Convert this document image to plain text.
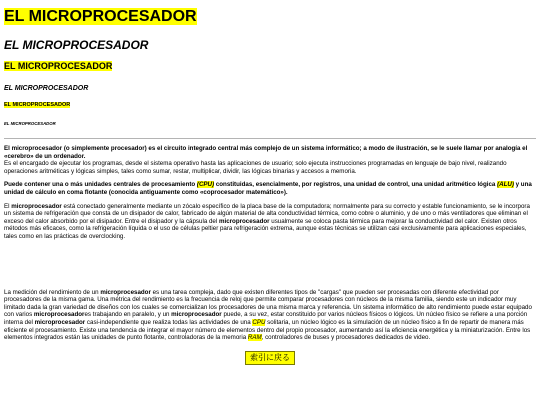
EL MICROPROCESADOR
EL MICROPROCESADOR
EL MICROPROCESADOR
EL MICROPROCESADOR
EL MICROPROCESADOR
EL MICROPROCESADOR

El microprocesador (o simplemente procesador) es el circuito integrado central más complejo de un sistema informático; a modo de ilustración, se le suele llamar por analogía el «cerebro» de un ordenador.

Es el encargado de ejecutar los programas, desde el sistema operativo hasta las aplicaciones de usuario; solo ejecuta instrucciones programadas en lenguaje de bajo nivel, realizando operaciones aritméticas y lógicas simples, tales como sumar, restar, multiplicar, dividir, las lógicas binarias y accesos a memoria.

Puede contener una o más unidades centrales de procesamiento (CPU) constituidas, esencialmente, por registros, una unidad de control, una unidad aritmético lógica (ALU) y una unidad de cálculo en coma flotante (conocida antiguamente como «coprocesador matemático»).

El microprocesador está conectado generalmente mediante un zócalo específico de la placa base de la computadora; normalmente para su correcto y estable funcionamiento, se le incorpora un sistema de refrigeración que consta de un disipador de calor, fabricado de algún material de alta conductividad térmica, como cobre o aluminio, y de uno o más ventiladores que eliminan el exceso del calor absorbido por el disipador. Entre el disipador y la cápsula del microprocesador usualmente se coloca pasta térmica para mejorar la conductividad del calor. Existen otros métodos más eficaces, como la refrigeración líquida o el uso de células peltier para refrigeración extrema, aunque estas técnicas se utilizan casi exclusivamente para aplicaciones especiales, tales como en las prácticas de overclocking.

La medición del rendimiento de un microprocesador es una tarea compleja, dado que existen diferentes tipos de "cargas" que pueden ser procesadas con diferente efectividad por procesadores de la misma gama. Una métrica del rendimiento es la frecuencia de reloj que permite comparar procesadores con núcleos de la misma familia, siendo este un indicador muy limitado dada la gran variedad de diseños con los cuales se comercializan los procesadores de una misma marca y referencia. Un sistema informático de alto rendimiento puede estar equipado con varios microprocesadores trabajando en paralelo, y un microprocesador puede, a su vez, estar constituido por varios núcleos físicos o lógicos. Un núcleo físico se refiere a una porción interna del microprocesador casi-independiente que realiza todas las actividades de una CPU solitaria, un núcleo lógico es la simulación de un núcleo físico a fin de repartir de manera más eficiente el procesamiento. Existe una tendencia de integrar el mayor número de elementos dentro del propio procesador, aumentando así la eficiencia energética y la miniaturización. Entre los elementos integrados están las unidades de punto flotante, controladoras de la memoria RAM, controladores de buses y procesadores dedicados de video.

索引に戻る
